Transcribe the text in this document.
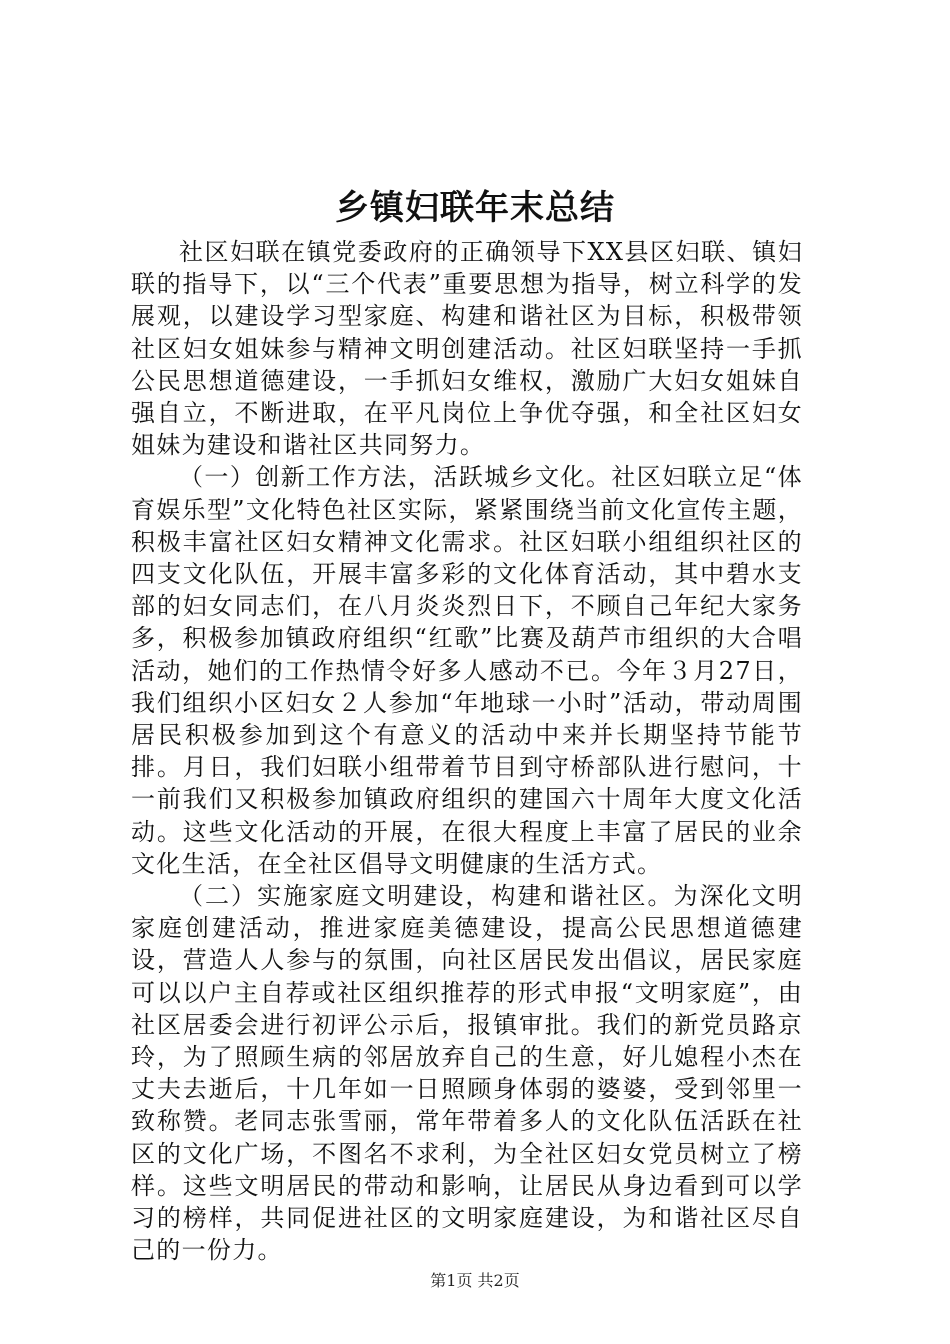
乡镇妇联年末总结

社区妇联在镇党委政府的正确领导下XX县区妇联、镇妇联的指导下，以“三个代表”重要思想为指导，树立科学的发展观，以建设学习型家庭、构建和谐社区为目标，积极带领社区妇女姐妹参与精神文明创建活动。社区妇联坚持一手抓公民思想道德建设，一手抓妇女维权，激励广大妇女姐妹自强自立，不断进取，在平凡岗位上争优夺强，和全社区妇女姐妹为建设和谐社区共同努力。

（一）创新工作方法，活跃城乡文化。社区妇联立足“体育娱乐型”文化特色社区实际，紧紧围绕当前文化宣传主题，积极丰富社区妇女精神文化需求。社区妇联小组组织社区的四支文化队伍，开展丰富多彩的文化体育活动，其中碧水支部的妇女同志们，在八月炎炎烈日下，不顾自己年纪大家务多，积极参加镇政府组织“红歌”比赛及葫芦市组织的大合唱活动，她们的工作热情令好多人感动不已。今年３月27日，我们组织小区妇女２人参加“年地球一小时”活动，带动周围居民积极参加到这个有意义的活动中来并长期坚持节能节排。月日，我们妇联小组带着节目到守桥部队进行慰问，十一前我们又积极参加镇政府组织的建国六十周年大度文化活动。这些文化活动的开展，在很大程度上丰富了居民的业余文化生活，在全社区倡导文明健康的生活方式。

（二）实施家庭文明建设，构建和谐社区。为深化文明家庭创建活动，推进家庭美德建设，提高公民思想道德建设，营造人人参与的氛围，向社区居民发出倡议，居民家庭可以以户主自荐或社区组织推荐的形式申报“文明家庭”，由社区居委会进行初评公示后，报镇审批。我们的新党员路京玲，为了照顾生病的邻居放弃自己的生意，好儿媳程小杰在丈夫去逝后，十几年如一日照顾身体弱的婆婆，受到邻里一致称赞。老同志张雪丽，常年带着多人的文化队伍活跃在社区的文化广场，不图名不求利，为全社区妇女党员树立了榜样。这些文明居民的带动和影响，让居民从身边看到可以学习的榜样，共同促进社区的文明家庭建设，为和谐社区尽自己的一份力。

第1页 共2页
